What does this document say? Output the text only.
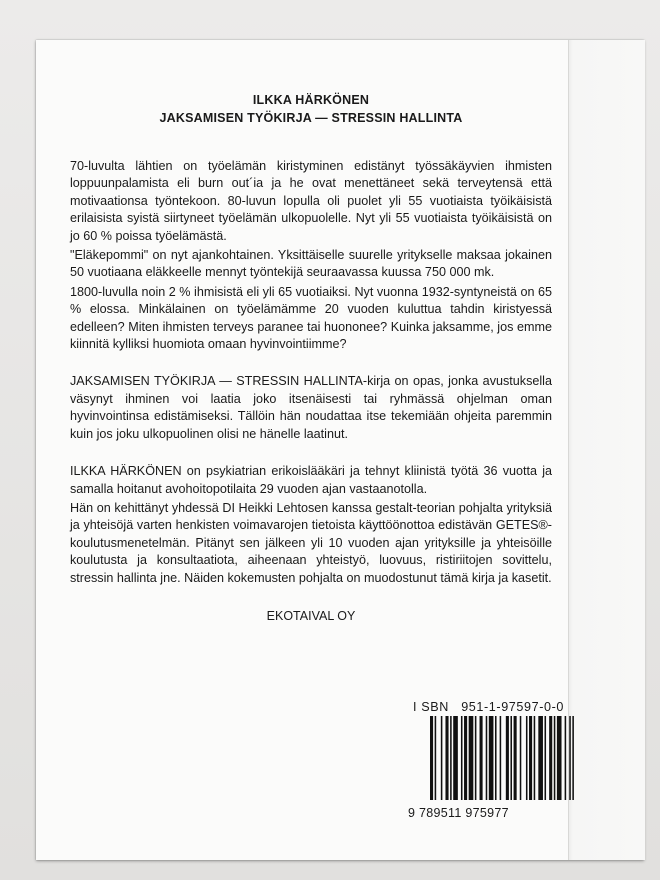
ILKKA HÄRKÖNEN
JAKSAMISEN TYÖKIRJA — STRESSIN HALLINTA

70-luvulta lähtien on työelämän kiristyminen edistänyt työssäkäyvien ihmisten loppuunpalamista eli burn out´ia ja he ovat menettäneet sekä terveytensä että motivaationsa työntekoon. 80-luvun lopulla oli puolet yli 55 vuotiaista työikäisistä erilaisista syistä siirtyneet työelämän ulkopuolelle. Nyt yli 55 vuotiaista työikäisistä on jo 60 % poissa työelämästä.

"Eläkepommi" on nyt ajankohtainen. Yksittäiselle suurelle yritykselle maksaa jokainen 50 vuotiaana eläkkeelle mennyt työntekijä seuraavassa kuussa 750 000 mk.

1800-luvulla noin 2 % ihmisistä eli yli 65 vuotiaiksi. Nyt vuonna 1932-syntyneistä on 65 % elossa. Minkälainen on työelämämme 20 vuoden kuluttua tahdin kiristyessä edelleen? Miten ihmisten terveys paranee tai huononee? Kuinka jaksamme, jos emme kiinnitä kylliksi huomiota omaan hyvinvointiimme?

JAKSAMISEN TYÖKIRJA — STRESSIN HALLINTA-kirja on opas, jonka avustuksella väsynyt ihminen voi laatia joko itsenäisesti tai ryhmässä ohjelman oman hyvinvointinsa edistämiseksi. Tällöin hän noudattaa itse tekemiään ohjeita paremmin kuin jos joku ulkopuolinen olisi ne hänelle laatinut.

ILKKA HÄRKÖNEN on psykiatrian erikoislääkäri ja tehnyt kliinistä työtä 36 vuotta ja samalla hoitanut avohoitopotilaita 29 vuoden ajan vastaanotolla.

Hän on kehittänyt yhdessä DI Heikki Lehtosen kanssa gestalt-teorian pohjalta yrityksiä ja yhteisöjä varten henkisten voimavarojen tietoista käyttöönottoa edistävän GETES®-koulutusmenetelmän. Pitänyt sen jälkeen yli 10 vuoden ajan yrityksille ja yhteisöille koulutusta ja konsultaatiota, aiheenaan yhteistyö, luovuus, ristiriitojen sovittelu, stressin hallinta jne. Näiden kokemusten pohjalta on muodostunut tämä kirja ja kasetit.

EKOTAIVAL OY
I SBN 951-1-97597-0-0
9 789511 975977
